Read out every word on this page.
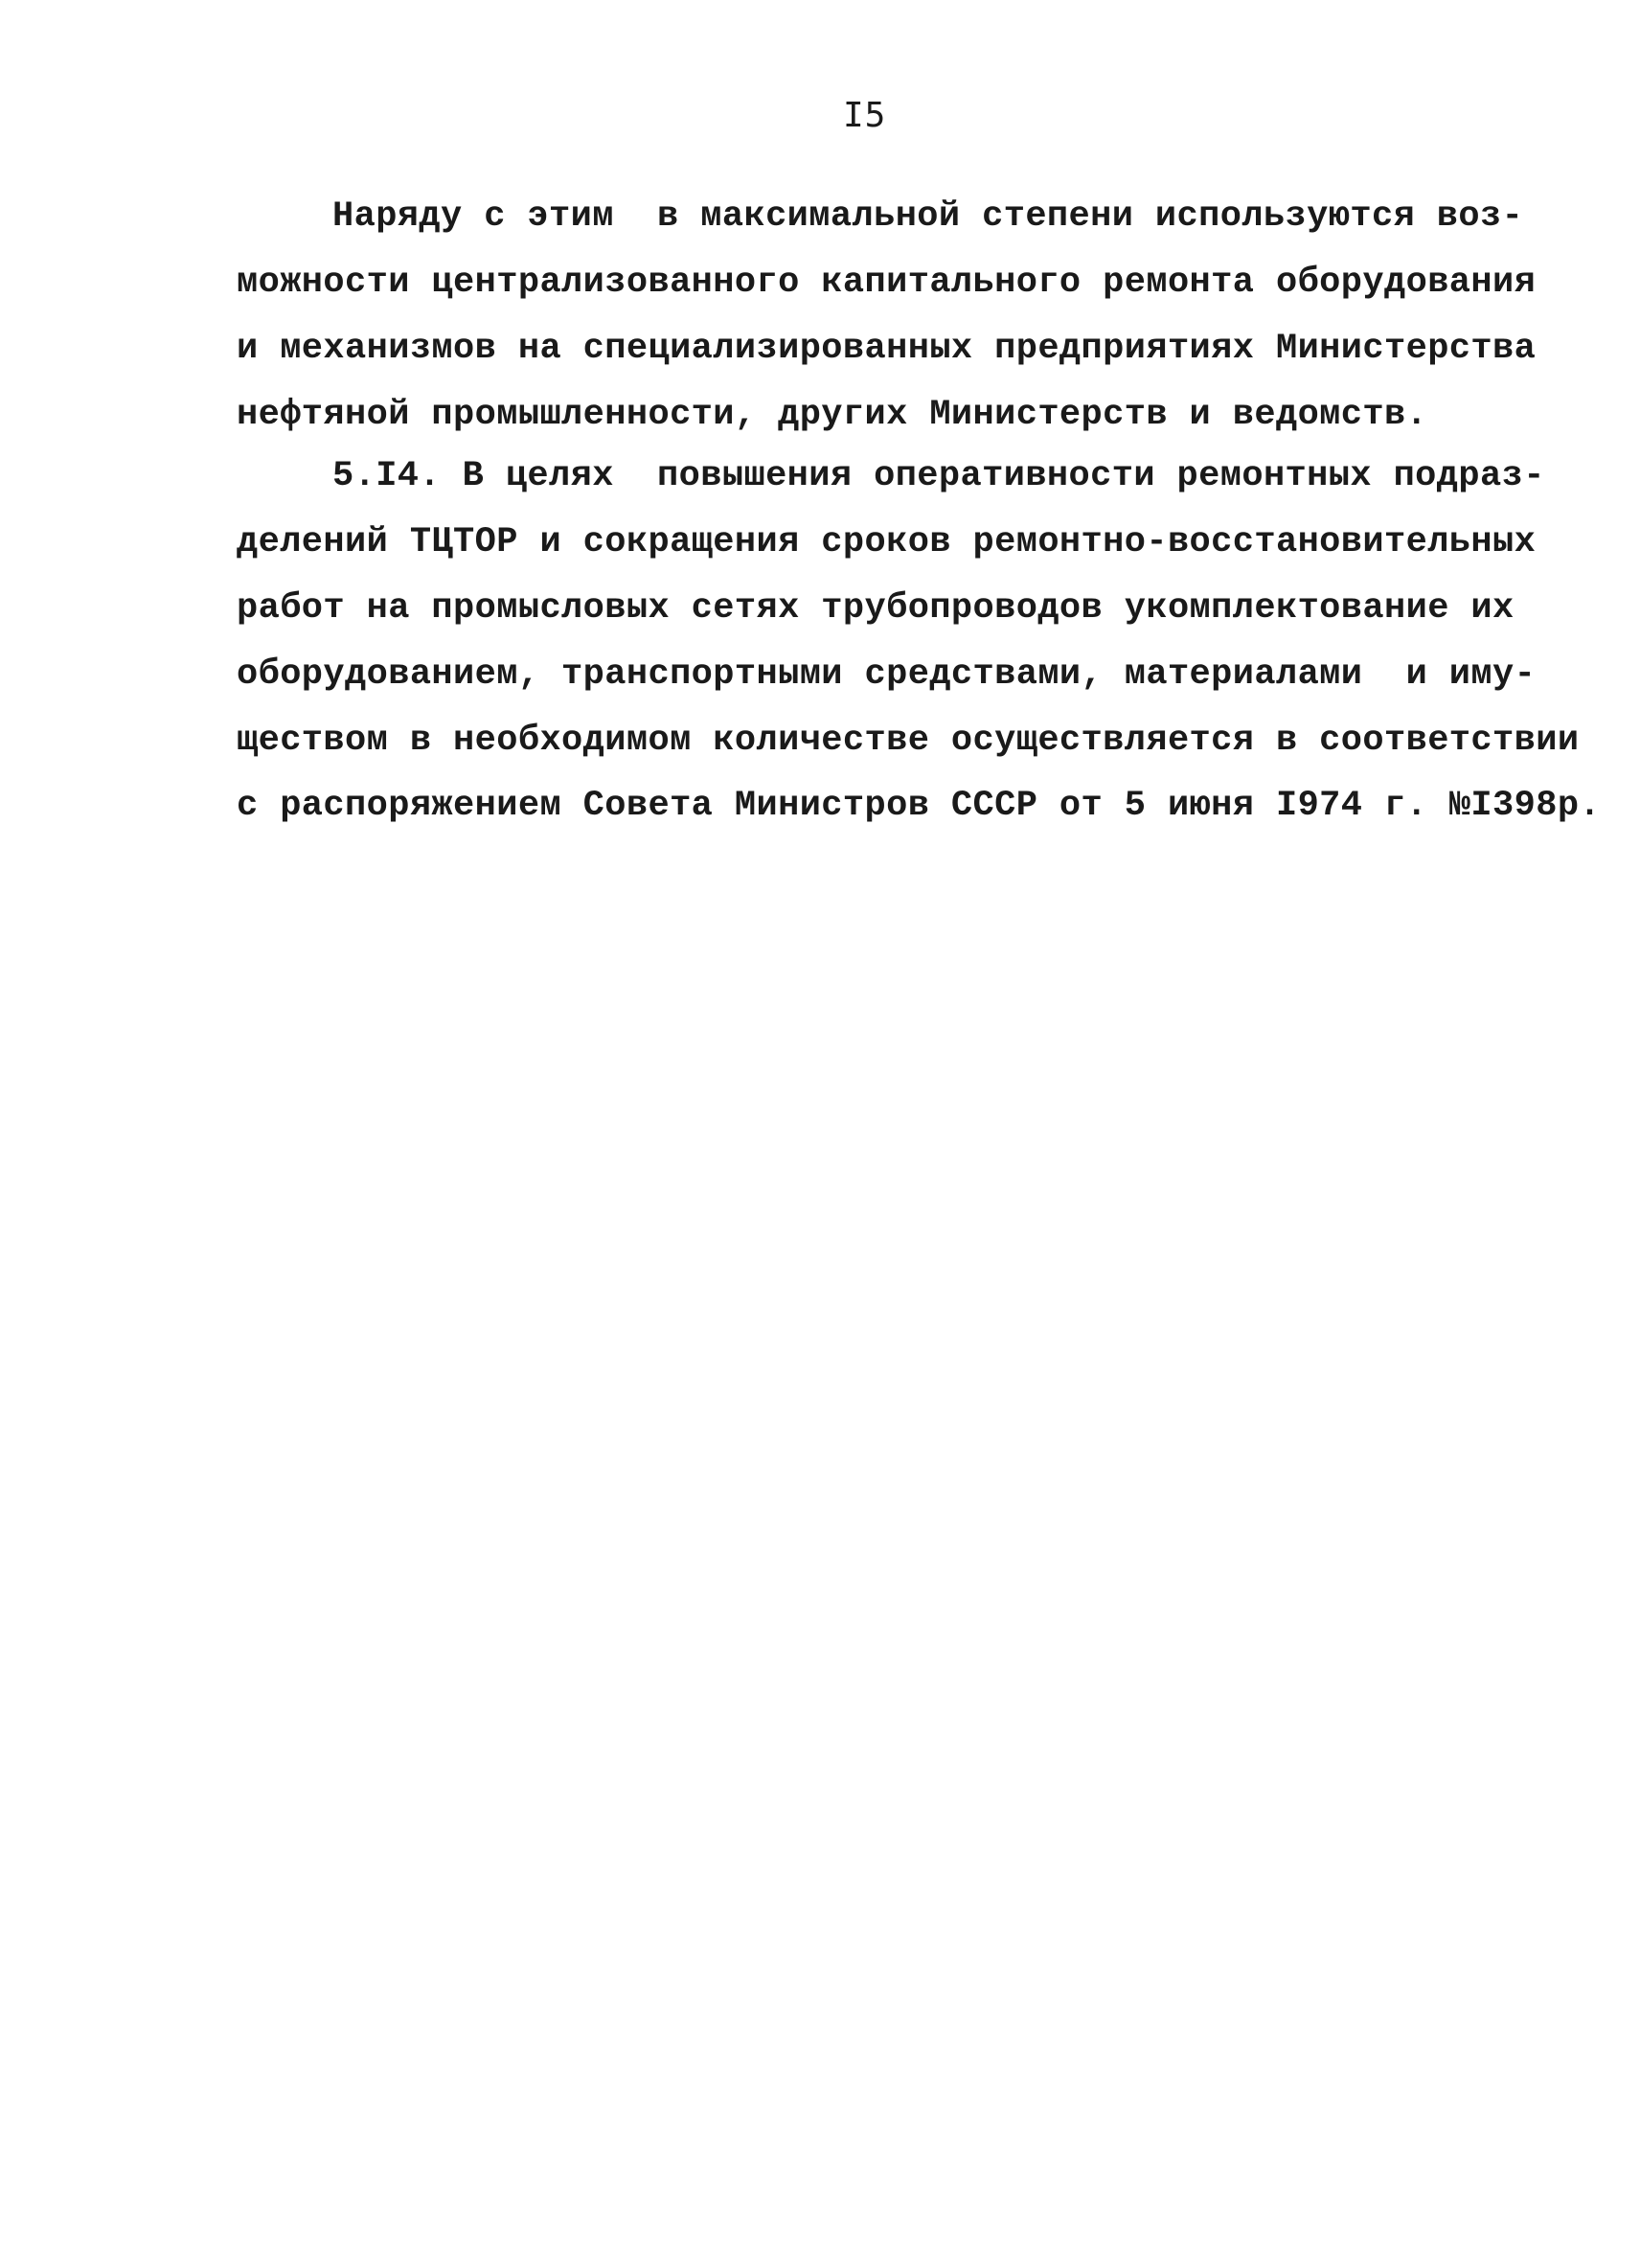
I5
Наряду с этим  в максимальной степени используются воз-
можности централизованного капитального ремонта оборудования
и механизмов на специализированных предприятиях Министерства
нефтяной промышленности, других Министерств и ведомств.
5.I4. В целях  повышения оперативности ремонтных подраз-
делений ТЦТОР и сокращения сроков ремонтно-восстановительных
работ на промысловых сетях трубопроводов укомплектование их
оборудованием, транспортными средствами, материалами  и иму-
ществом в необходимом количестве осуществляется в соответствии
с распоряжением Совета Министров СССР от 5 июня I974 г. №I398р.
